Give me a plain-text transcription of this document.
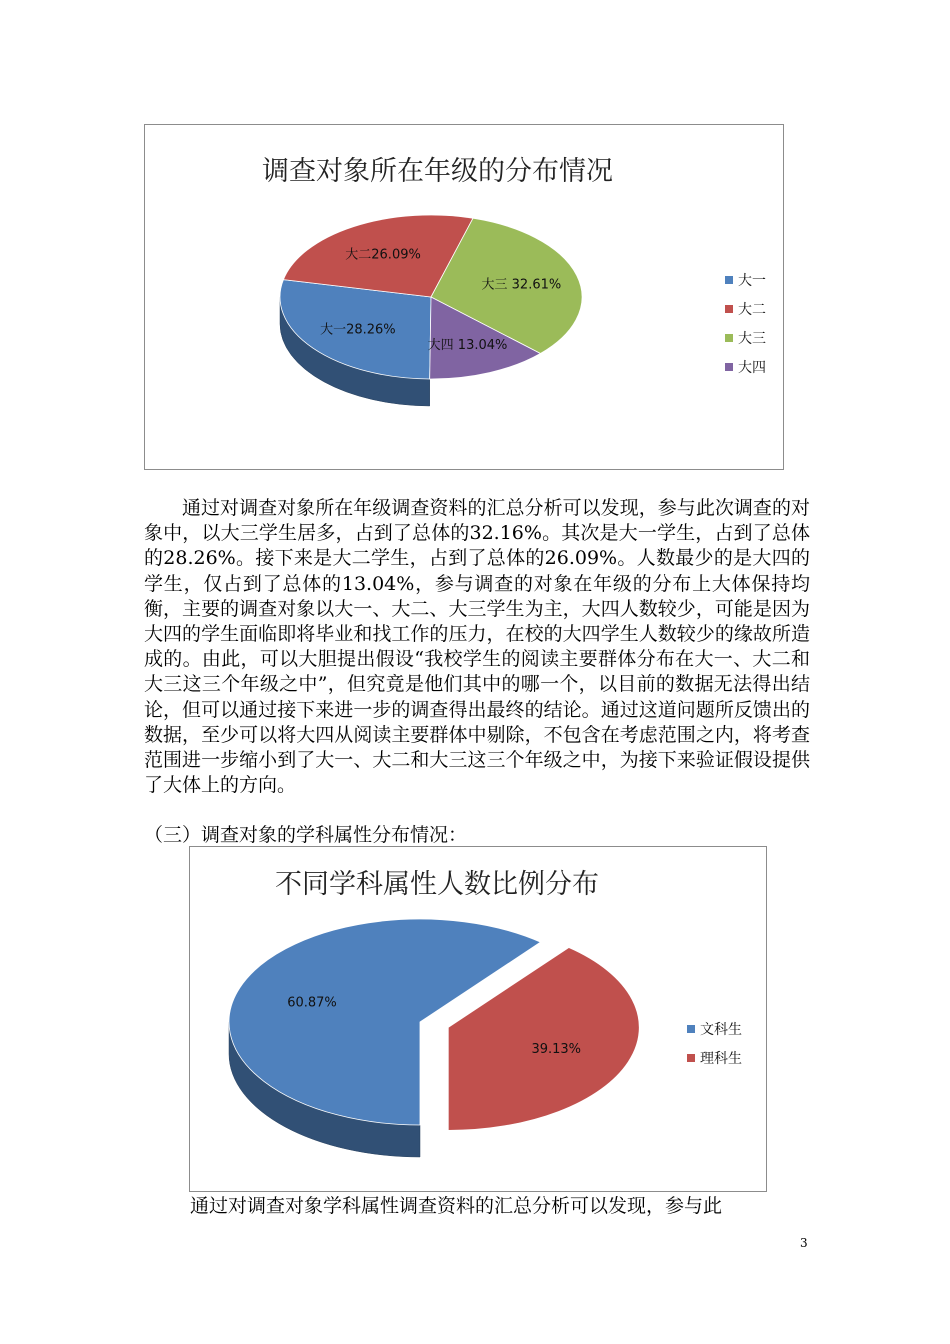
调查对象所在年级的分布情况
大一28.26%
大二26.09%
大三 32.61%
大四 13.04%
大一
大二
大三
大四

通过对调查对象所在年级调查资料的汇总分析可以发现，参与此次调查的对象中，以大三学生居多，占到了总体的32.16%。其次是大一学生，占到了总体的28.26%。接下来是大二学生，占到了总体的26.09%。人数最少的是大四的学生，仅占到了总体的13.04%，参与调查的对象在年级的分布上大体保持均衡，主要的调查对象以大一、大二、大三学生为主，大四人数较少，可能是因为大四的学生面临即将毕业和找工作的压力，在校的大四学生人数较少的缘故所造成的。由此，可以大胆提出假设“我校学生的阅读主要群体分布在大一、大二和大三这三个年级之中”，但究竟是他们其中的哪一个，以目前的数据无法得出结论，但可以通过接下来进一步的调查得出最终的结论。通过这道问题所反馈出的数据，至少可以将大四从阅读主要群体中剔除，不包含在考虑范围之内，将考查范围进一步缩小到了大一、大二和大三这三个年级之中，为接下来验证假设提供了大体上的方向。

（三）调查对象的学科属性分布情况：

不同学科属性人数比例分布
60.87%
39.13%
文科生
理科生

通过对调查对象学科属性调查资料的汇总分析可以发现，参与此

3
